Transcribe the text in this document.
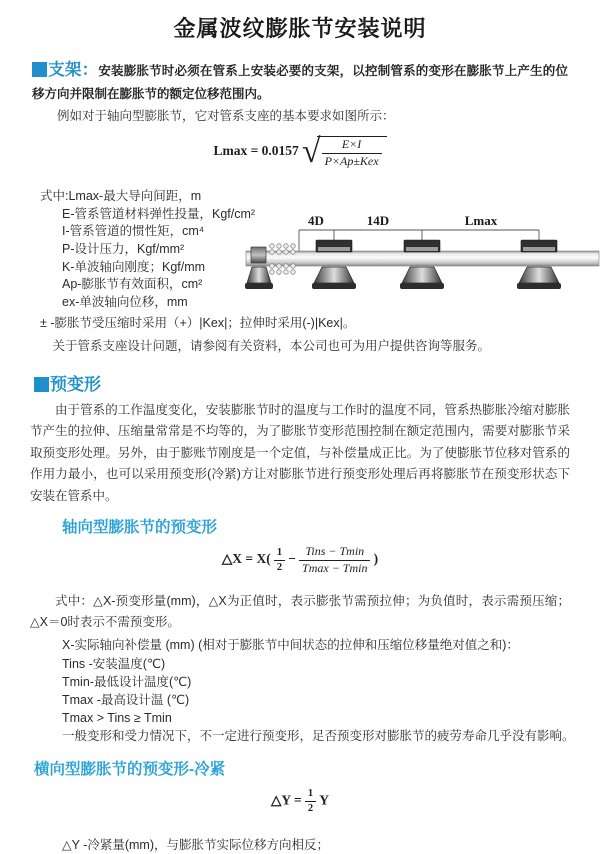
金属波纹膨胀节安装说明
支架：安装膨胀节时必须在管系上安装必要的支架，以控制管系的变形在膨胀节上产生的位移方向并限制在膨胀节的额定位移范围内。
例如对于轴向型膨胀节，它对管系支座的基本要求如图所示：
Lmax = 0.0157 √ $\frac{E\times I}{\text{P×Ap±Kex}}$
式中:Lmax-最大导向间距，m
E-管系管道材料弹性投量，Kgf/cm²
I-管系管道的惯性矩，cm⁴
P-设计压力，Kgf/mm²
K-单波轴向刚度；Kgf/mm
Ap-膨胀节有效面积，cm²
ex-单波轴向位移，mm
4D	14D	Lmax
± -膨胀节受压缩时采用（+）|Kex|；拉伸时采用(-)|Kex|。
关于管系支座设计问题，请参阅有关资料，本公司也可为用户提供咨询等服务。
预变形
由于管系的工作温度变化，安装膨胀节时的温度与工作时的温度不同，管系热膨胀冷缩对膨胀节产生的拉伸、压缩量常常是不均等的，为了膨胀节变形范围控制在额定范围内，需要对膨胀节采取预变形处理。另外，由于膨账节刚度是一个定值，与补偿量成正比。为了使膨胀节位移对管系的作用力最小，也可以采用预变形(冷紧)方让对膨胀节进行预变形处理后再将膨胀节在预变形状态下安装在管系中。
轴向型膨胀节的预变形
△X = $X( \frac{1}{2} - \frac{\text{Tins − Tmin}}{Tmax - Tmin}$ )
式中：△X-预变形量(mm)，△X为正值时，表示膨张节需预拉伸；为负值时，表示需预压缩；△X＝0时表示不需预变形。
X-实际轴向补偿量 (mm) (相对于膨胀节中间状态的拉伸和压缩位移量绝对值之和)：
Tins -安装温度(℃)
Tmin-最低设计温度(℃)
Tmax -最高设计温 (℃)
Tmax > Tins ≥ Tmin
一般变形和受力情况下，不一定进行预变形，足否预变形对膨胀节的疲劳寿命几乎没有影响。
横向型膨胀节的预变形-冷紧
△Y = $\frac{1}{2}$ Y
△Y -冷紧量(mm)，与膨胀节实际位移方向相反；
